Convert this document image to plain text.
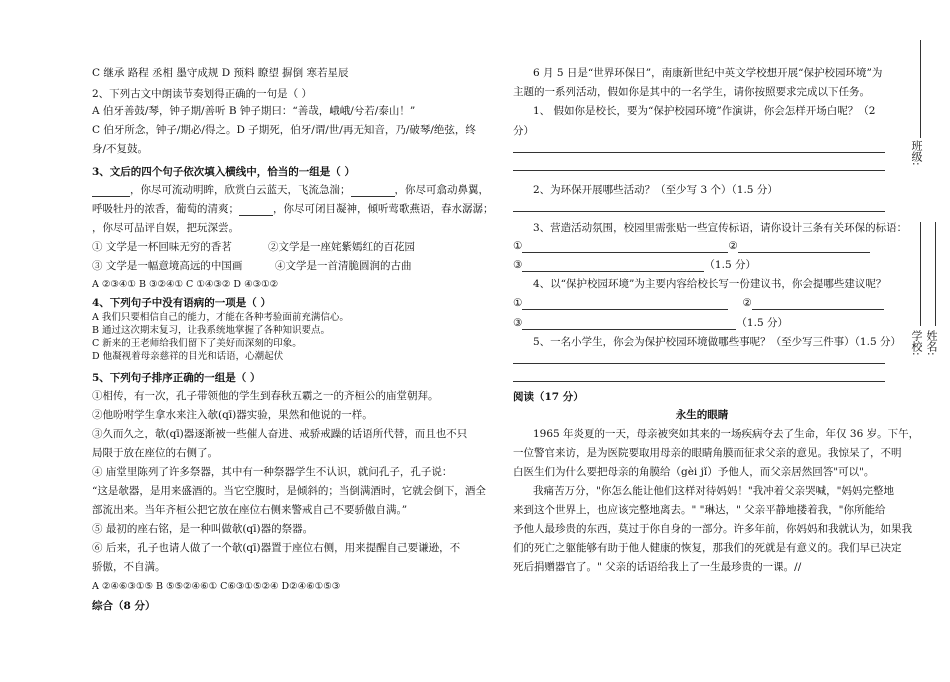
C 继承 路程 丞相 墨守成规 D 预料 瞭望 摒倒 寒若星辰
2、下列古文中朗读节奏划得正确的一句是（ ）
A 伯牙善鼓/琴，钟子期/善听 B 钟子期曰：“善哉，峨峨/兮若/泰山！”
C 伯牙所念，钟子/期必/得之。D 子期死，伯牙/谓/世/再无知音，乃/破琴/绝弦，终
身/不复鼓。
3、文后的四个句子依次填入横线中，恰当的一组是（ ）
，你尽可流动明眸，欣赏白云蓝天，飞流急湍；	，你尽可翕动鼻翼，
呼吸牡丹的浓香，葡萄的清爽；	，你尽可闭目凝神，倾听莺歌燕语，春水潺潺；
，你尽可品评自娱，把玩深尝。
① 文学是一杯回味无穷的香茗	②文学是一座姹紫嫣红的百花园
③ 文学是一幅意境高远的中国画	④文学是一首清脆圆润的古曲
A ②③④① B ③②④① C ①④③② D ④③①②
4、下列句子中没有语病的一项是（ ）
A 我们只要相信自己的能力，才能在各种考验面前充满信心。
B 通过这次期末复习，让我系统地掌握了各种知识要点。
C 新来的王老师给我们留下了美好而深刻的印象。
D 他凝视着母亲慈祥的目光和话语，心潮起伏
5、下列句子排序正确的一组是（ ）
①相传，有一次，孔子带领他的学生到春秋五霸之一的齐桓公的庙堂朝拜。
②他吩咐学生拿水来注入欹(qī)器实验，果然和他说的一样。
③久而久之，欹(qī)器逐渐被一些催人奋进、戒骄戒躁的话语所代替，而且也不只
局限于放在座位的右侧了。
④ 庙堂里陈列了许多祭器，其中有一种祭器学生不认识，就问孔子，孔子说：
“这是欹器，是用来盛酒的。当它空腹时，是倾斜的；当倒满酒时，它就会倒下，酒全
部流出来。当年齐桓公把它放在座位右侧来警戒自己不要骄傲自满。”
⑤ 最初的座右铭，是一种叫做欹(qī)器的祭器。
⑥ 后来，孔子也请人做了一个欹(qī)器置于座位右侧，用来提醒自己要谦逊，不
骄傲，不自满。
A ②④⑥③①⑤ B ⑤⑤②④⑥① C⑥③①⑤②④ D②④⑥①⑤③
综合（8 分）
6 月 5 日是“世界环保日”，南康新世纪中英文学校想开展“保护校园环境”为
主题的一系列活动，假如你是其中的一名学生，请你按照要求完成以下任务。
1、 假如你是校长，要为“保护校园环境”作演讲，你会怎样开场白呢？（2
分）
2、为环保开展哪些活动？（至少写 3 个）（1.5 分）
3、营造活动氛围，校园里需张贴一些宣传标语，请你设计三条有关环保的标语：
①	②
③	（1.5 分）
4、以“保护校园环境”为主要内容给校长写一份建议书，你会提哪些建议呢？
①	②
③	（1.5 分）
5、一名小学生，你会为保护校园环境做哪些事呢？（至少写三件事）（1.5 分）
阅读（17 分）
永生的眼睛
1965 年炎夏的一天，母亲被突如其来的一场疾病夺去了生命，年仅 36 岁。下午，
一位警官来访，是为医院要取用母亲的眼睛角膜而征求父亲的意见。我惊呆了，不明
白医生们为什么要把母亲的角膜给（gèi jǐ）予他人，而父亲居然回答"可以"。
我痛苦万分，"你怎么能让他们这样对待妈妈！"我冲着父亲哭喊，"妈妈完整地
来到这个世界上，也应该完整地离去。" "琳达，" 父亲平静地搂着我，"你所能给
予他人最珍贵的东西，莫过于你自身的一部分。许多年前，你妈妈和我就认为，如果我
们的死亡之躯能够有助于他人健康的恢复，那我们的死就是有意义的。我们早已决定
死后捐赠器官了。" 父亲的话语给我上了一生最珍贵的一课。//
班级:
学校: 姓名:
